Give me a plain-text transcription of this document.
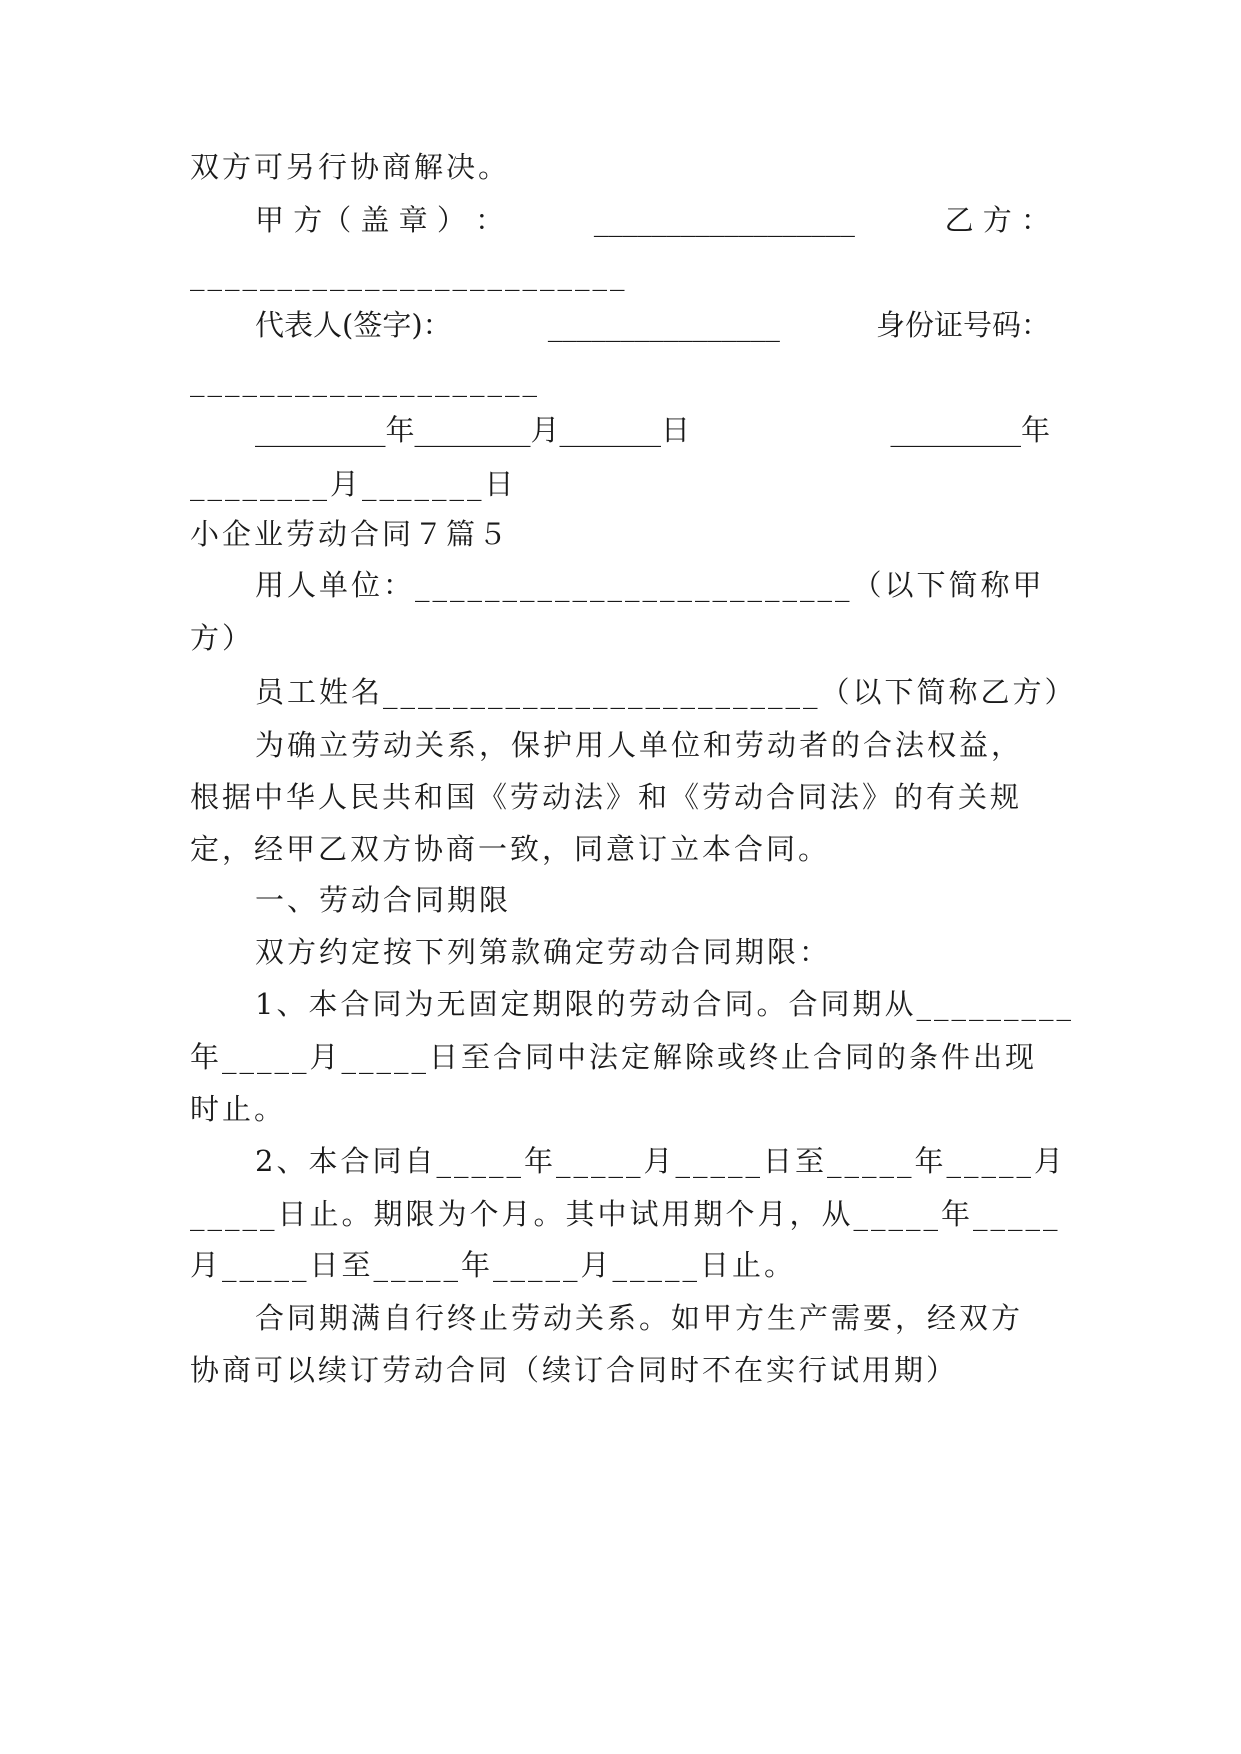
双方可另行协商解决。
甲 方（ 盖 章 ） ：	__________________	乙 方 ：
_________________________
代表人(签字)：	________________	身份证号码：
____________________
_________年________月_______日	_________年
________月_______日
小企业劳动合同７篇５
用人单位：_________________________（以下简称甲
方）
员工姓名_________________________（以下简称乙方）
为确立劳动关系，保护用人单位和劳动者的合法权益，
根据中华人民共和国《劳动法》和《劳动合同法》的有关规
定，经甲乙双方协商一致，同意订立本合同。
一、劳动合同期限
双方约定按下列第款确定劳动合同期限：
1、本合同为无固定期限的劳动合同。合同期从_________
年_____月_____日至合同中法定解除或终止合同的条件出现
时止。
2、本合同自_____年_____月_____日至_____年_____月
_____日止。期限为个月。其中试用期个月，从_____年_____
月_____日至_____年_____月_____日止。
合同期满自行终止劳动关系。如甲方生产需要，经双方
协商可以续订劳动合同（续订合同时不在实行试用期）
